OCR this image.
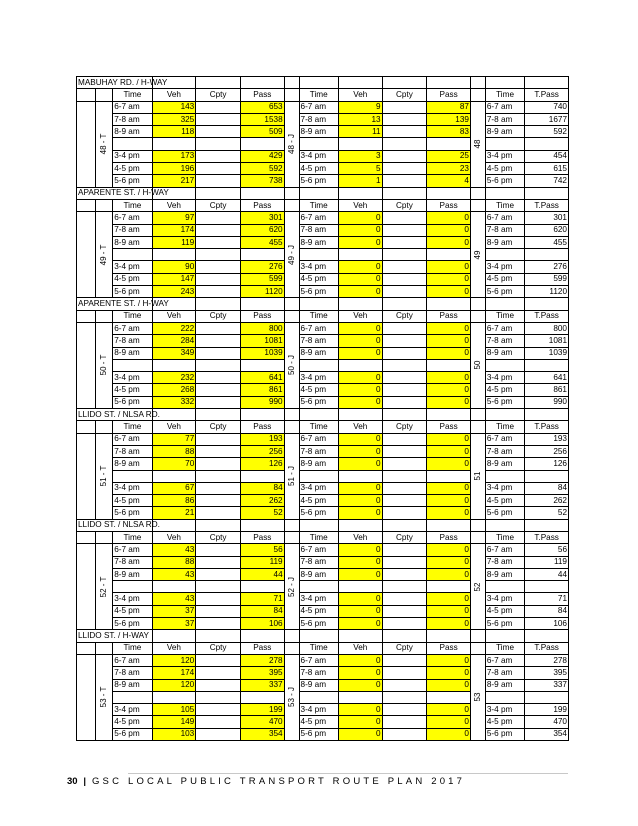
MABUHAY RD. / H-WAY													
		Time	Veh	Cpty	Pass		Time	Veh	Cpty	Pass		Time	T.Pass

	48 - T	6-7 am	143		653	48 - J	6-7 am	9		87	48	6-7 am	740
		7-8 am	325		1538		7-8 am	13		139		7-8 am	1677
		8-9 am	118		509		8-9 am	11		83		8-9 am	592

		3-4 pm	173		429		3-4 pm	3		25		3-4 pm	454
		4-5 pm	196		592		4-5 pm	5		23		4-5 pm	615
		5-6 pm	217		738		5-6 pm	1		4		5-6 pm	742
APARENTE ST. / H-WAY													
		Time	Veh	Cpty	Pass		Time	Veh	Cpty	Pass		Time	T.Pass

	49 - T	6-7 am	97		301	49 - J	6-7 am	0		0	49	6-7 am	301
		7-8 am	174		620		7-8 am	0		0		7-8 am	620
		8-9 am	119		455		8-9 am	0		0		8-9 am	455

		3-4 pm	90		276		3-4 pm	0		0		3-4 pm	276
		4-5 pm	147		599		4-5 pm	0		0		4-5 pm	599
		5-6 pm	243		1120		5-6 pm	0		0		5-6 pm	1120
APARENTE ST. / H-WAY													
		Time	Veh	Cpty	Pass		Time	Veh	Cpty	Pass		Time	T.Pass

	50 - T	6-7 am	222		800	50 - J	6-7 am	0		0	50	6-7 am	800
		7-8 am	284		1081		7-8 am	0		0		7-8 am	1081
		8-9 am	349		1039		8-9 am	0		0		8-9 am	1039

		3-4 pm	232		641		3-4 pm	0		0		3-4 pm	641
		4-5 pm	268		861		4-5 pm	0		0		4-5 pm	861
		5-6 pm	332		990		5-6 pm	0		0		5-6 pm	990
LLIDO ST. / NLSA RD.													
		Time	Veh	Cpty	Pass		Time	Veh	Cpty	Pass		Time	T.Pass

	51 - T	6-7 am	77		193	51 - J	6-7 am	0		0	51	6-7 am	193
		7-8 am	88		256		7-8 am	0		0		7-8 am	256
		8-9 am	70		126		8-9 am	0		0		8-9 am	126

		3-4 pm	67		84		3-4 pm	0		0		3-4 pm	84
		4-5 pm	86		262		4-5 pm	0		0		4-5 pm	262
		5-6 pm	21		52		5-6 pm	0		0		5-6 pm	52
LLIDO ST. / NLSA RD.													
		Time	Veh	Cpty	Pass		Time	Veh	Cpty	Pass		Time	T.Pass

	52 - T	6-7 am	43		56	52 - J	6-7 am	0		0	52	6-7 am	56
		7-8 am	88		119		7-8 am	0		0		7-8 am	119
		8-9 am	43		44		8-9 am	0		0		8-9 am	44

		3-4 pm	43		71		3-4 pm	0		0		3-4 pm	71
		4-5 pm	37		84		4-5 pm	0		0		4-5 pm	84
		5-6 pm	37		106		5-6 pm	0		0		5-6 pm	106
LLIDO ST. / H-WAY													
		Time	Veh	Cpty	Pass		Time	Veh	Cpty	Pass		Time	T.Pass

	53 - T	6-7 am	120		278	53 - J	6-7 am	0		0	53	6-7 am	278
		7-8 am	174		395		7-8 am	0		0		7-8 am	395
		8-9 am	120		337		8-9 am	0		0		8-9 am	337

		3-4 pm	105		199		3-4 pm	0		0		3-4 pm	199
		4-5 pm	149		470		4-5 pm	0		0		4-5 pm	470
		5-6 pm	103		354		5-6 pm	0		0		5-6 pm	354
30 | GSC LOCAL PUBLIC TRANSPORT ROUTE PLAN 2017
